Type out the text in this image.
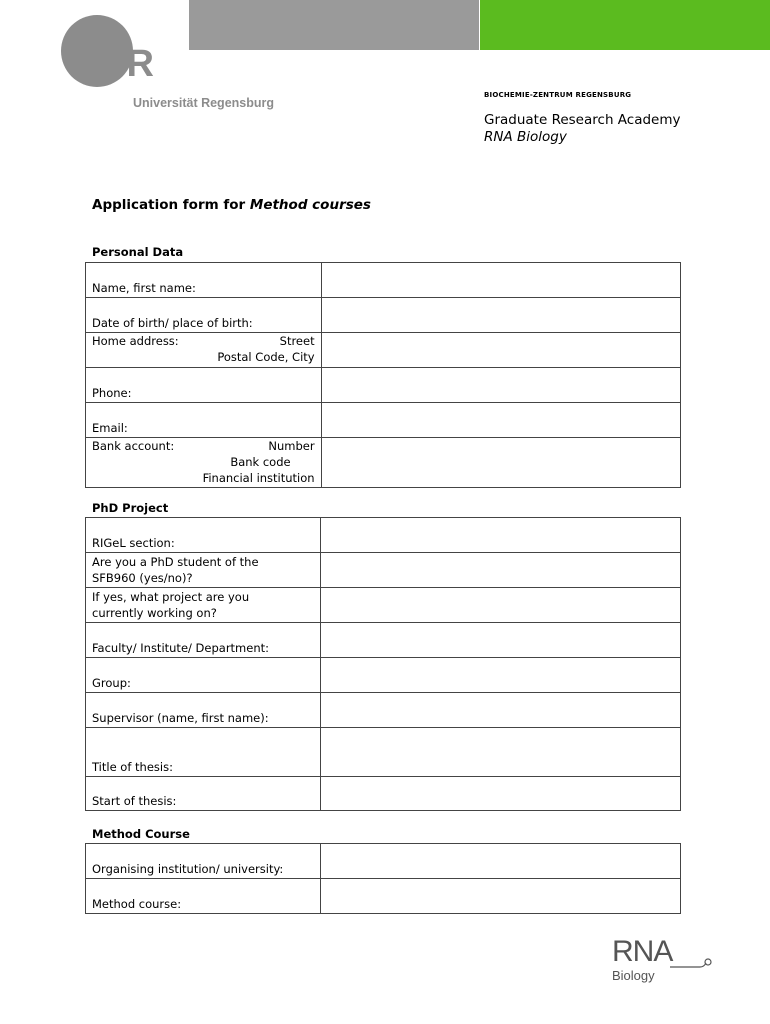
UR
Universität Regensburg
BIOCHEMIE-ZENTRUM REGENSBURG
Graduate Research Academy
RNA Biology
Application form for Method courses
Personal Data
Name, first name:	
Date of birth/ place of birth:	

Home address: Street
Postal Code, City	

Phone:	
Email:	

Bank account: Number
Bank code
Financial institution	

PhD Project
RIGeL section:	

Are you a PhD student of the
SFB960 (yes/no)?	

If yes, what project are you
currently working on?	

Faculty/ Institute/ Department:	
Group:	
Supervisor (name, first name):	
Title of thesis:	
Start of thesis:	
Method Course
Organising institution/ university:	
Method course:	
RNA
Biology
